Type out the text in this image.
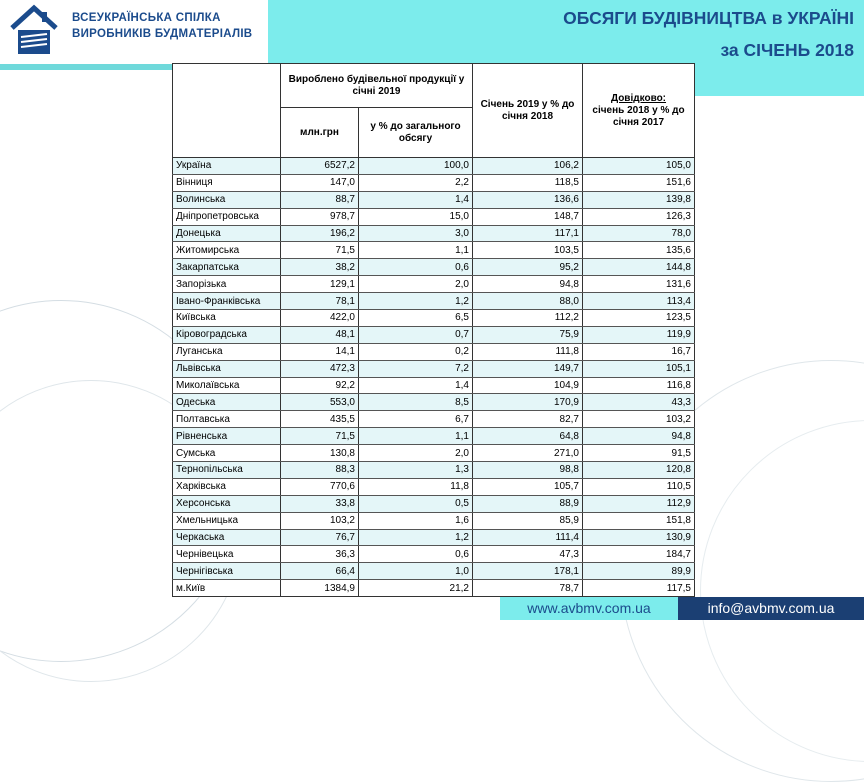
ВСЕУКРАЇНСЬКА СПІЛКА
ВИРОБНИКІВ БУДМАТЕРІАЛІВ
ОБСЯГИ БУДІВНИЦТВА в УКРАЇНІ
за СІЧЕНЬ 2018
	Вироблено будівельної продукції у січні 2019		Січень 2019 у % до січня 2018	Довідково:
січень 2018 у % до січня 2017
	млн.грн	у % до загального обсягу		
Україна	6527,2	100,0	106,2	105,0
Вінниця	147,0	2,2	118,5	151,6
Волинська	88,7	1,4	136,6	139,8
Дніпропетровська	978,7	15,0	148,7	126,3
Донецька	196,2	3,0	117,1	78,0
Житомирська	71,5	1,1	103,5	135,6
Закарпатська	38,2	0,6	95,2	144,8
Запорізька	129,1	2,0	94,8	131,6
Івано-Франківська	78,1	1,2	88,0	113,4
Київська	422,0	6,5	112,2	123,5
Кіровоградська	48,1	0,7	75,9	119,9
Луганська	14,1	0,2	111,8	16,7
Львівська	472,3	7,2	149,7	105,1
Миколаївська	92,2	1,4	104,9	116,8
Одеська	553,0	8,5	170,9	43,3
Полтавська	435,5	6,7	82,7	103,2
Рівненська	71,5	1,1	64,8	94,8
Сумська	130,8	2,0	271,0	91,5
Тернопільська	88,3	1,3	98,8	120,8
Харківська	770,6	11,8	105,7	110,5
Херсонська	33,8	0,5	88,9	112,9
Хмельницька	103,2	1,6	85,9	151,8
Черкаська	76,7	1,2	111,4	130,9
Чернівецька	36,3	0,6	47,3	184,7
Чернігівська	66,4	1,0	178,1	89,9
м.Київ	1384,9	21,2	78,7	117,5
www.avbmv.com.ua	info@avbmv.com.ua
